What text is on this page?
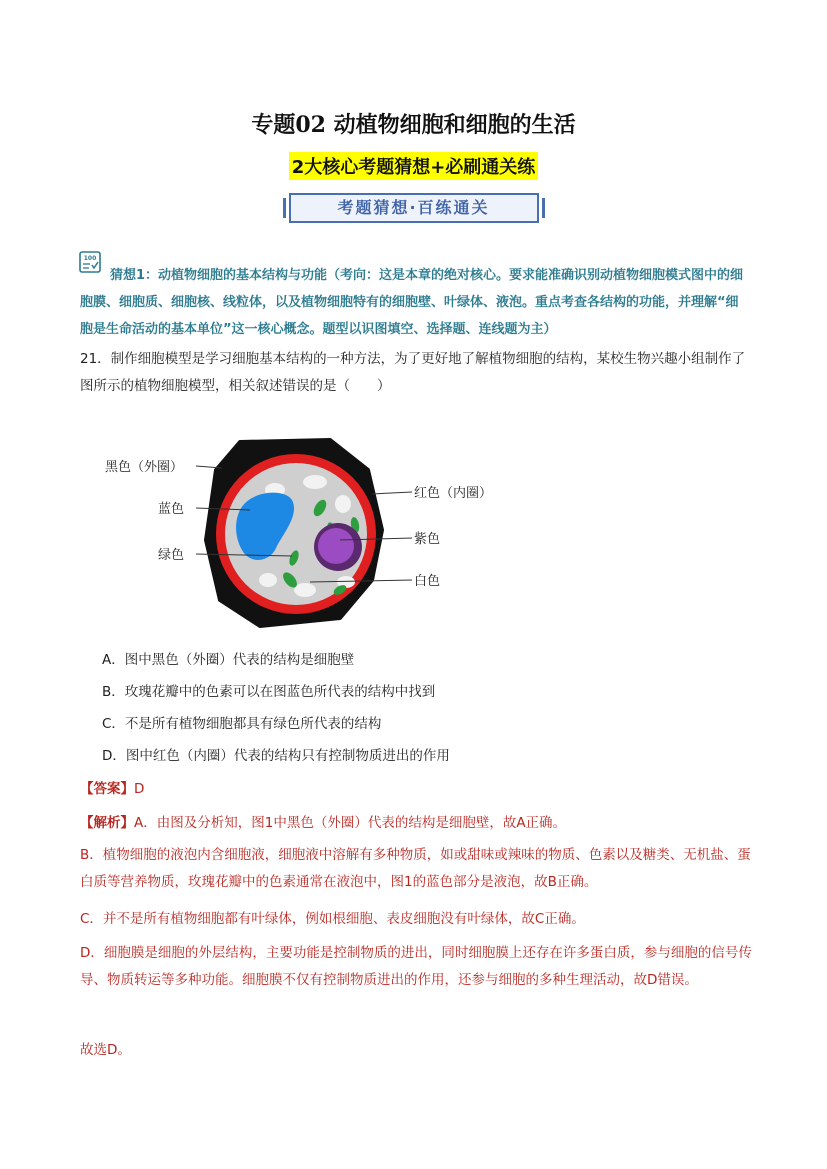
专题02 动植物细胞和细胞的生活
2大核心考题猜想+必刷通关练
考题猜想·百练通关
100
猜想1：动植物细胞的基本结构与功能（考向：这是本章的绝对核心。要求能准确识别动植物细胞模式图中的细胞膜、细胞质、细胞核、线粒体，以及植物细胞特有的细胞壁、叶绿体、液泡。重点考查各结构的功能，并理解“细胞是生命活动的基本单位”这一核心概念。题型以识图填空、选择题、连线题为主）
21．制作细胞模型是学习细胞基本结构的一种方法，为了更好地了解植物细胞的结构，某校生物兴趣小组制作了图所示的植物细胞模型，相关叙述错误的是（　　）
黑色（外圈）
蓝色
绿色
红色（内圈）
紫色
白色
A．图中黑色（外圈）代表的结构是细胞壁
B．玫瑰花瓣中的色素可以在图蓝色所代表的结构中找到
C．不是所有植物细胞都具有绿色所代表的结构
D．图中红色（内圈）代表的结构只有控制物质进出的作用
【答案】D
【解析】A．由图及分析知，图1中黑色（外圈）代表的结构是细胞壁，故A正确。
B．植物细胞的液泡内含细胞液，细胞液中溶解有多种物质，如或甜味或辣味的物质、色素以及糖类、无机盐、蛋白质等营养物质，玫瑰花瓣中的色素通常在液泡中，图1的蓝色部分是液泡，故B正确。
C．并不是所有植物细胞都有叶绿体，例如根细胞、表皮细胞没有叶绿体，故C正确。
D．细胞膜是细胞的外层结构，主要功能是控制物质的进出，同时细胞膜上还存在许多蛋白质，参与细胞的信号传导、物质转运等多种功能。细胞膜不仅有控制物质进出的作用，还参与细胞的多种生理活动，故D错误。
故选D。
